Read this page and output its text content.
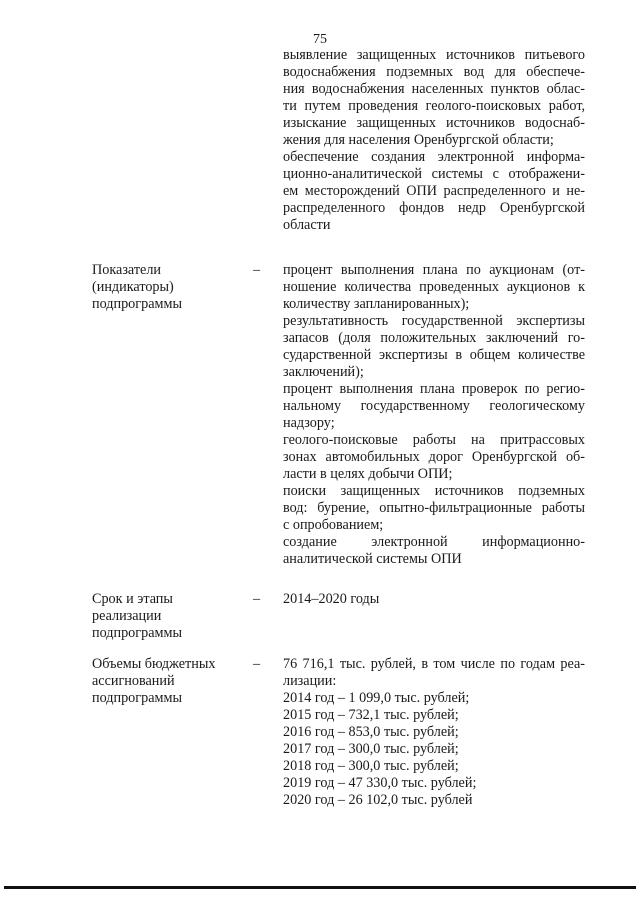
75
выявление защищенных источников питьевого
водоснабжения подземных вод для обеспече-
ния водоснабжения населенных пунктов облас-
ти путем проведения геолого-поисковых работ,
изыскание защищенных источников водоснаб-
жения для населения Оренбургской области;
обеспечение создания электронной информа-
ционно-аналитической системы с отображени-
ем месторождений ОПИ распределенного и не-
распределенного фондов недр Оренбургской
области
Показатели
(индикаторы)
подпрограммы
– процент выполнения плана по аукционам (от-
ношение количества проведенных аукционов к
количеству запланированных);
результативность государственной экспертизы
запасов (доля положительных заключений го-
сударственной экспертизы в общем количестве
заключений);
процент выполнения плана проверок по регио-
нальному государственному геологическому
надзору;
геолого-поисковые работы на притрассовых
зонах автомобильных дорог Оренбургской об-
ласти в целях добычи ОПИ;
поиски защищенных источников подземных
вод: бурение, опытно-фильтрационные работы
с опробованием;
создание электронной информационно-
аналитической системы ОПИ
Срок и этапы
реализации
подпрограммы
– 2014–2020 годы
Объемы бюджетных
ассигнований
подпрограммы
– 76 716,1 тыс. рублей, в том числе по годам реа-
лизации:
2014 год – 1 099,0 тыс. рублей;
2015 год – 732,1 тыс. рублей;
2016 год – 853,0 тыс. рублей;
2017 год – 300,0 тыс. рублей;
2018 год – 300,0 тыс. рублей;
2019 год – 47 330,0 тыс. рублей;
2020 год – 26 102,0 тыс. рублей
